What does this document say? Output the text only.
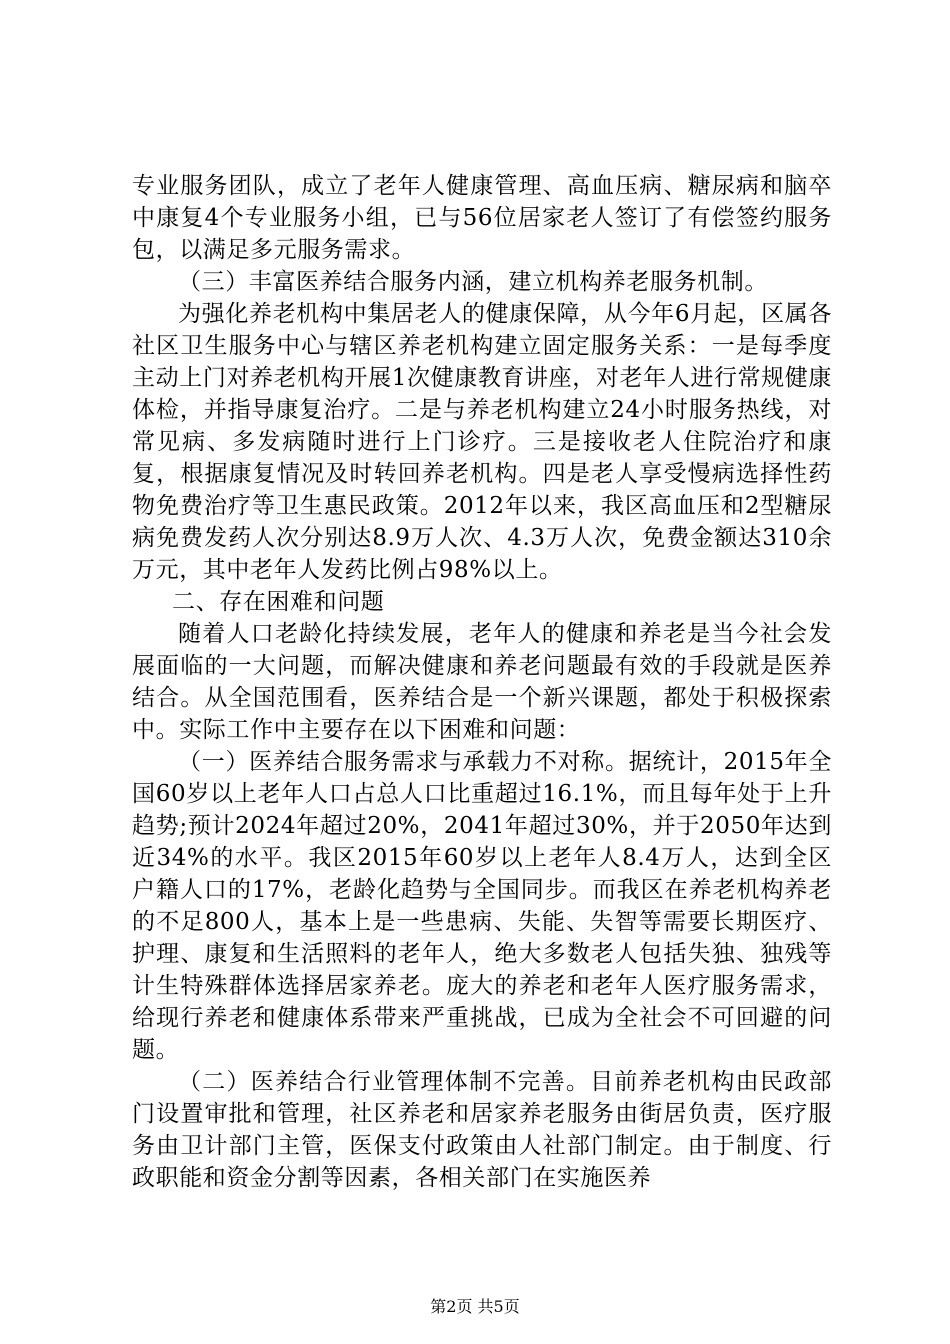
专业服务团队，成立了老年人健康管理、高血压病、糖尿病和脑卒中康复4个专业服务小组，已与56位居家老人签订了有偿签约服务包，以满足多元服务需求。

（三）丰富医养结合服务内涵，建立机构养老服务机制。

为强化养老机构中集居老人的健康保障，从今年6月起，区属各社区卫生服务中心与辖区养老机构建立固定服务关系：一是每季度主动上门对养老机构开展1次健康教育讲座，对老年人进行常规健康体检，并指导康复治疗。二是与养老机构建立24小时服务热线，对常见病、多发病随时进行上门诊疗。三是接收老人住院治疗和康复，根据康复情况及时转回养老机构。四是老人享受慢病选择性药物免费治疗等卫生惠民政策。2012年以来，我区高血压和2型糖尿病免费发药人次分别达8.9万人次、4.3万人次，免费金额达310余万元，其中老年人发药比例占98%以上。

二、存在困难和问题

随着人口老龄化持续发展，老年人的健康和养老是当今社会发展面临的一大问题，而解决健康和养老问题最有效的手段就是医养结合。从全国范围看，医养结合是一个新兴课题，都处于积极探索中。实际工作中主要存在以下困难和问题：

（一）医养结合服务需求与承载力不对称。据统计，2015年全国60岁以上老年人口占总人口比重超过16.1%，而且每年处于上升趋势;预计2024年超过20%，2041年超过30%，并于2050年达到近34%的水平。我区2015年60岁以上老年人8.4万人，达到全区户籍人口的17%，老龄化趋势与全国同步。而我区在养老机构养老的不足800人，基本上是一些患病、失能、失智等需要长期医疗、护理、康复和生活照料的老年人，绝大多数老人包括失独、独残等计生特殊群体选择居家养老。庞大的养老和老年人医疗服务需求，给现行养老和健康体系带来严重挑战，已成为全社会不可回避的问题。

（二）医养结合行业管理体制不完善。目前养老机构由民政部门设置审批和管理，社区养老和居家养老服务由街居负责，医疗服务由卫计部门主管，医保支付政策由人社部门制定。由于制度、行政职能和资金分割等因素，各相关部门在实施医养

第2页 共5页
